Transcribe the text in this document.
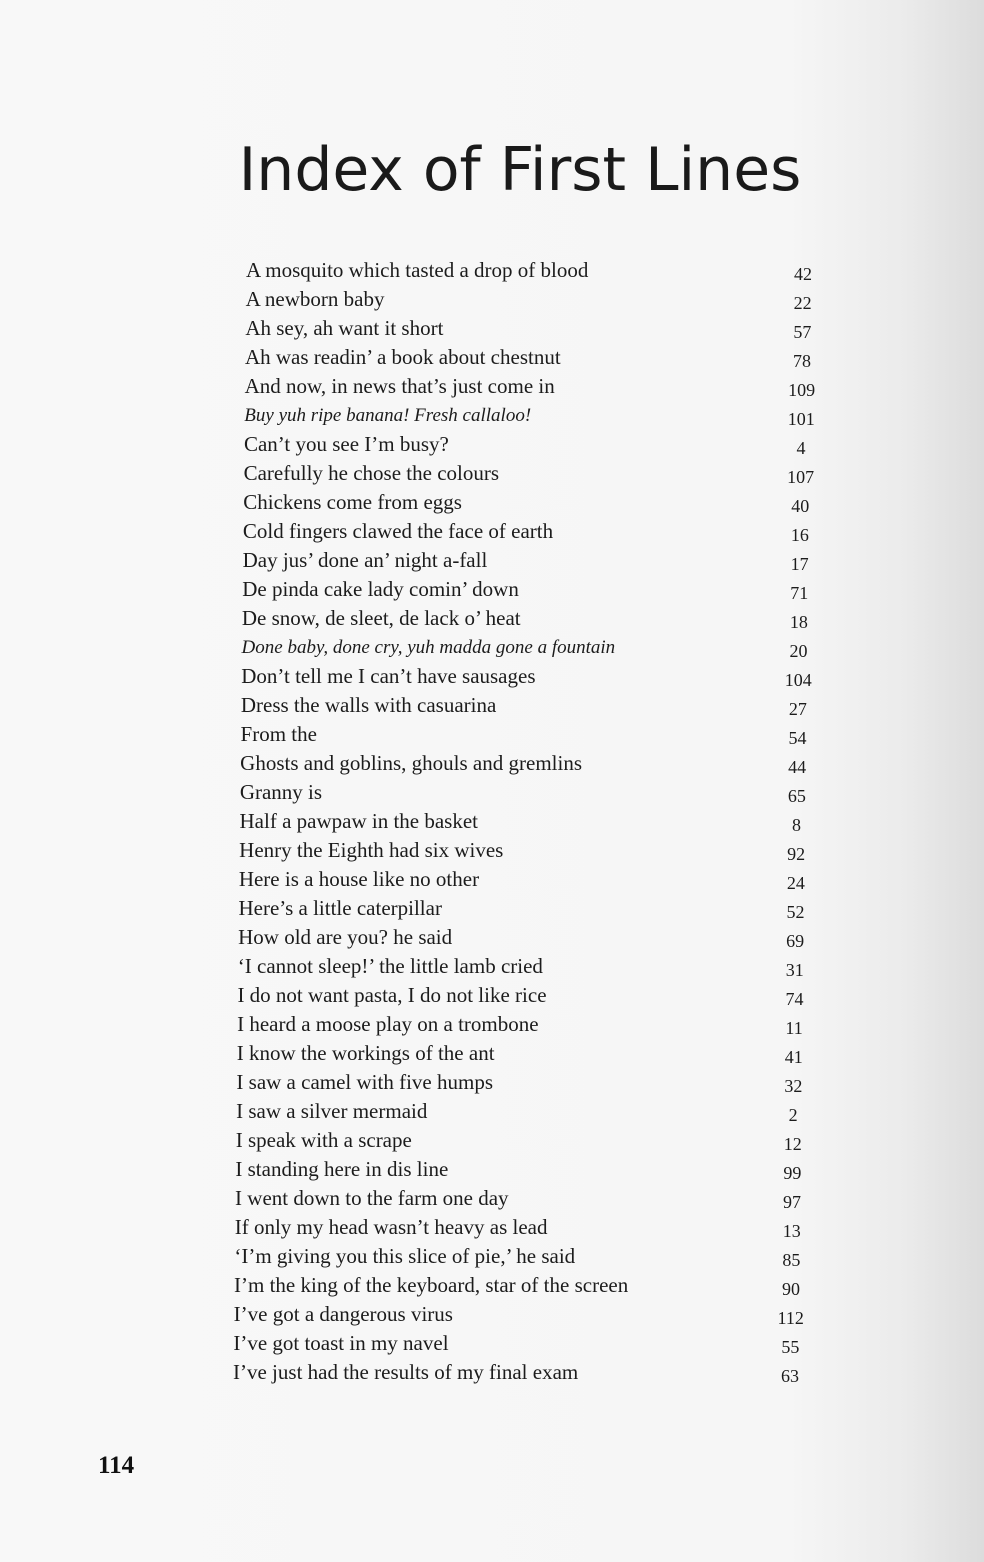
Index of First Lines
A mosquito which tasted a drop of blood	42
A newborn baby	22
Ah sey, ah want it short	57
Ah was readin’ a book about chestnut	78
And now, in news that’s just come in	109
Buy yuh ripe banana! Fresh callaloo!	101
Can’t you see I’m busy?	4
Carefully he chose the colours	107
Chickens come from eggs	40
Cold fingers clawed the face of earth	16
Day jus’ done an’ night a-fall	17
De pinda cake lady comin’ down	71
De snow, de sleet, de lack o’ heat	18
Done baby, done cry, yuh madda gone a fountain	20
Don’t tell me I can’t have sausages	104
Dress the walls with casuarina	27
From the	54
Ghosts and goblins, ghouls and gremlins	44
Granny is	65
Half a pawpaw in the basket	8
Henry the Eighth had six wives	92
Here is a house like no other	24
Here’s a little caterpillar	52
How old are you? he said	69
‘I cannot sleep!’ the little lamb cried	31
I do not want pasta, I do not like rice	74
I heard a moose play on a trombone	11
I know the workings of the ant	41
I saw a camel with five humps	32
I saw a silver mermaid	2
I speak with a scrape	12
I standing here in dis line	99
I went down to the farm one day	97
If only my head wasn’t heavy as lead	13
‘I’m giving you this slice of pie,’ he said	85
I’m the king of the keyboard, star of the screen	90
I’ve got a dangerous virus	112
I’ve got toast in my navel	55
I’ve just had the results of my final exam	63
114
